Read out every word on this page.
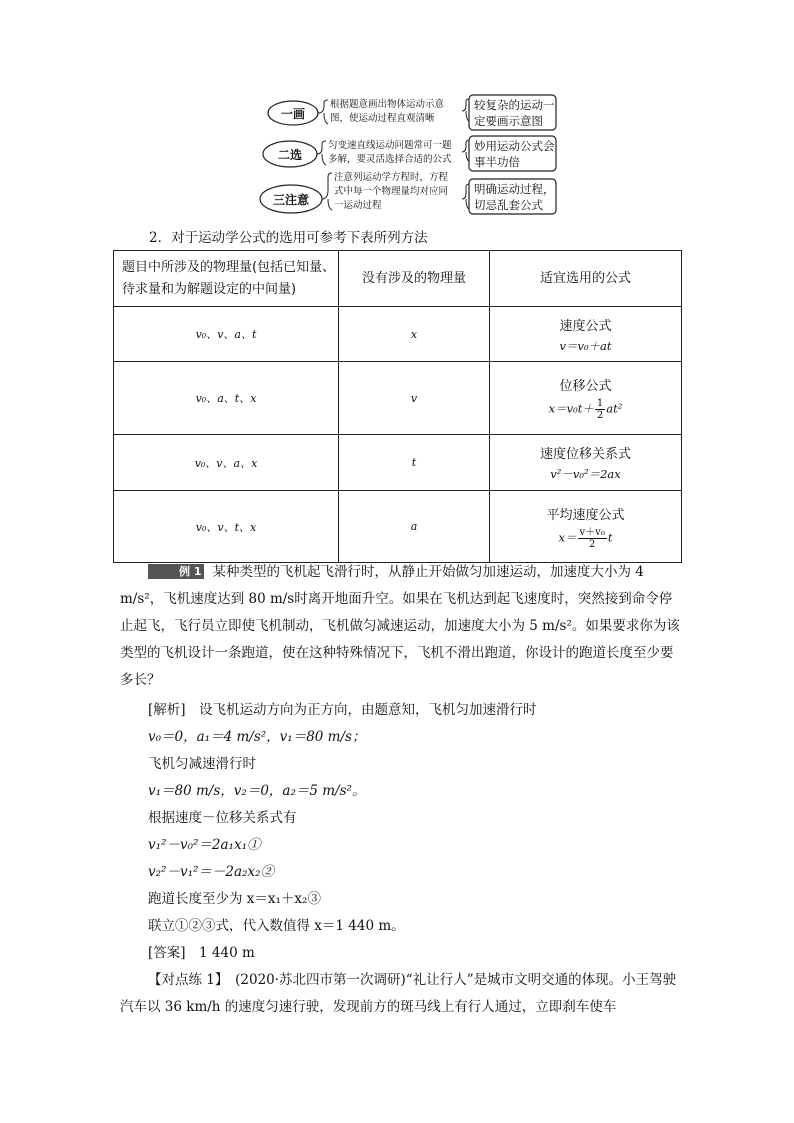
一画
二选
三注意
根据题意画出物体运动示意
图，使运动过程直观清晰
匀变速直线运动问题常可一题
多解，要灵活选择合适的公式
注意列运动学方程时，方程
式中每一个物理量均对应同
一运动过程
较复杂的运动一
定要画示意图
妙用运动公式会
事半功倍
明确运动过程，
切忌乱套公式
2．对于运动学公式的选用可参考下表所列方法
题目中所涉及的物理量(包括已知量、待求量和为解题设定的中间量)	没有涉及的物理量	适宜选用的公式
v₀、v、a、t	x	速度公式
v＝v₀＋at

v₀、a、t、x	v	位移公式
$x=v_0t+ \frac{1}{2} at^2$

v₀、v、a、x	t	速度位移关系式
v²－v₀²＝2ax

v₀、v、t、x	a	平均速度公式
$x= \frac{\text{v＋v₀}}{2}$ t
例 1 某种类型的飞机起飞滑行时，从静止开始做匀加速运动，加速度大小为 4 m/s²，飞机速度达到 80 m/s时离开地面升空。如果在飞机达到起飞速度时，突然接到命令停止起飞，飞行员立即使飞机制动，飞机做匀减速运动，加速度大小为 5 m/s²。如果要求你为该类型的飞机设计一条跑道，使在这种特殊情况下，飞机不滑出跑道，你设计的跑道长度至少要多长？
[解析]　设飞机运动方向为正方向，由题意知，飞机匀加速滑行时
v₀＝0，a₁＝4 m/s²，v₁＝80 m/s；
飞机匀减速滑行时
v₁＝80 m/s，v₂＝0，a₂＝5 m/s²。
根据速度－位移关系式有
v₁²－v₀²＝2a₁x₁①
v₂²－v₁²＝－2a₂x₂②
跑道长度至少为 x＝x₁＋x₂③
联立①②③式，代入数值得 x＝1 440 m。
[答案]　1 440 m
【对点练 1】　(2020·苏北四市第一次调研)“礼让行人”是城市文明交通的体现。小王驾驶汽车以 36 km/h 的速度匀速行驶，发现前方的斑马线上有行人通过，立即刹车使车
